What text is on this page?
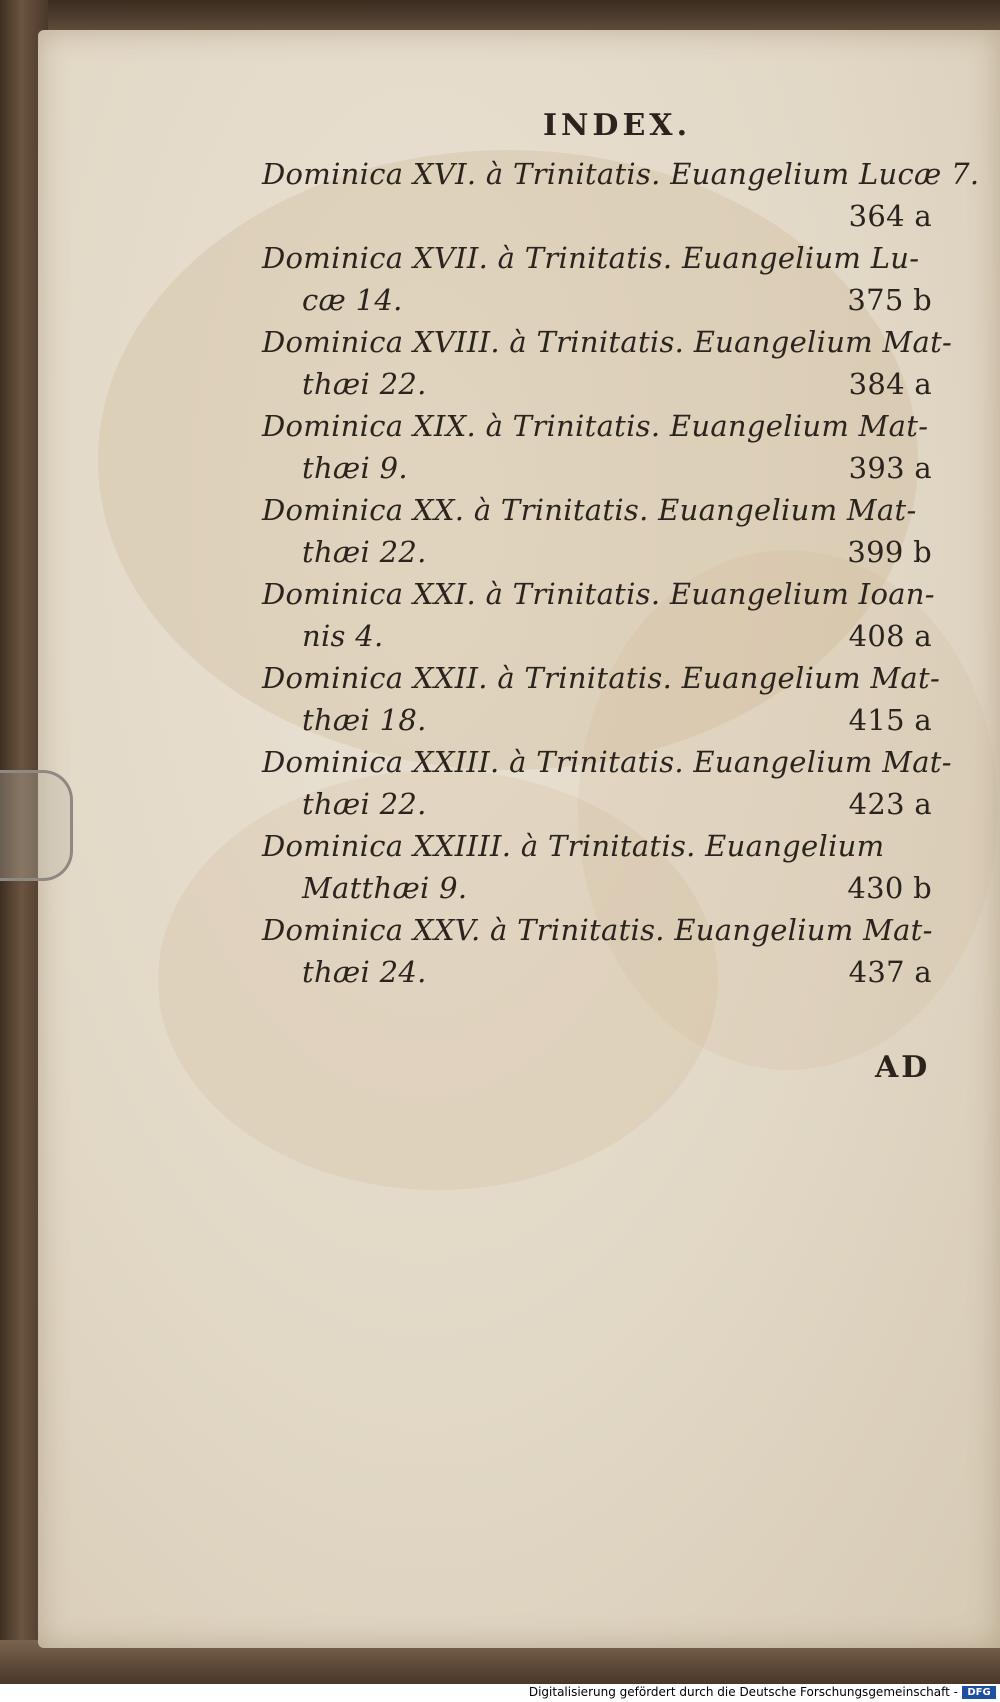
INDEX.
Dominica XVI. à Trinitatis. Euangelium Lucæ 7.
364 a
Dominica XVII. à Trinitatis. Euangelium Lu-
cæ 14.	375 b
Dominica XVIII. à Trinitatis. Euangelium Mat-
thæi 22.	384 a
Dominica XIX. à Trinitatis. Euangelium Mat-
thæi 9.	393 a
Dominica XX. à Trinitatis. Euangelium Mat-
thæi 22.	399 b
Dominica XXI. à Trinitatis. Euangelium Ioan-
nis 4.	408 a
Dominica XXII. à Trinitatis. Euangelium Mat-
thæi 18.	415 a
Dominica XXIII. à Trinitatis. Euangelium Mat-
thæi 22.	423 a
Dominica XXIIII. à Trinitatis. Euangelium
Matthæi 9.	430 b
Dominica XXV. à Trinitatis. Euangelium Mat-
thæi 24.	437 a
AD
Digitalisierung gefördert durch die Deutsche Forschungsgemeinschaft - DFG
